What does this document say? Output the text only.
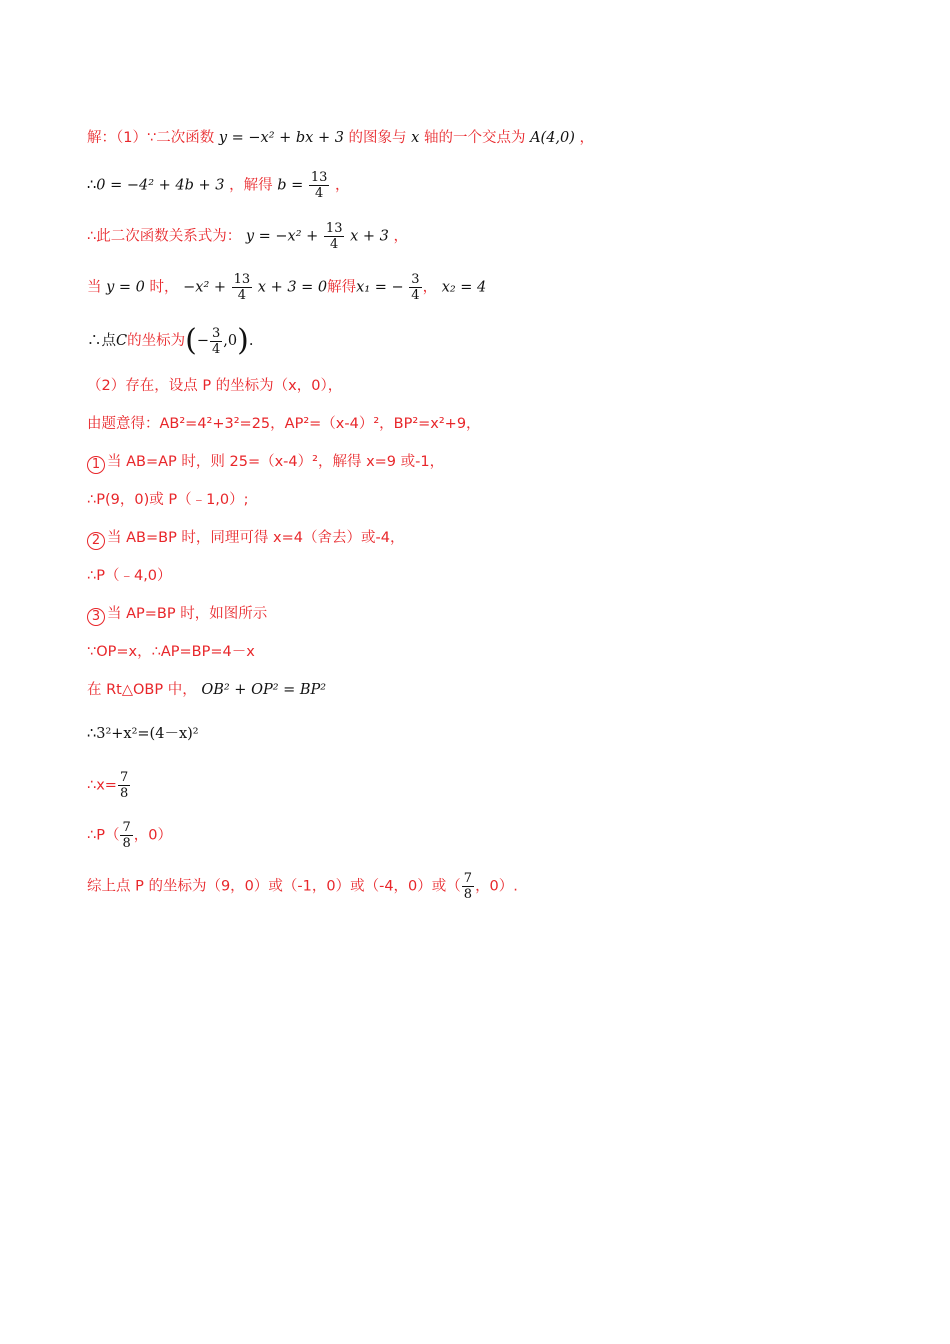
解：（1）∵二次函数 y = −x² + bx + 3 的图象与 x 轴的一个交点为 A(4,0) ，
∴0 = −4² + 4b + 3 ，解得 $b = \frac{13}{4}$ ，
∴此二次函数关系式为： $y = -x^2 + \frac{13}{4}$ x + 3 ，
当 y = 0 时， $-x^2 + \frac{13}{4}$ x + 3 = 0解得x₁ = − $\frac{3}{4}$ ， x₂ = 4
∴点C的坐标为(− $\frac{3}{4} ,0$).
（2）存在，设点 P 的坐标为（x，0），
由题意得：AB²=4²+3²=25，AP²=（x-4）²，BP²=x²+9，
1 当 AB=AP 时，则 25=（x-4）²，解得 x=9 或-1，
∴P(9，0)或 P（﹣1,0）;
2 当 AB=BP 时，同理可得 x=4（舍去）或-4，
∴P（﹣4,0）
3 当 AP=BP 时，如图所示
∵OP=x，∴AP=BP=4－x
在 Rt△OBP 中， OB² + OP² = BP²
∴3²+x²=(4－x)²
∴x= $\frac{7}{8}$
∴P（ $\frac{7}{8}$ ，0）
综上点 P 的坐标为（9，0）或（-1，0）或（-4，0）或（ $\frac{7}{8}$ ，0）.
